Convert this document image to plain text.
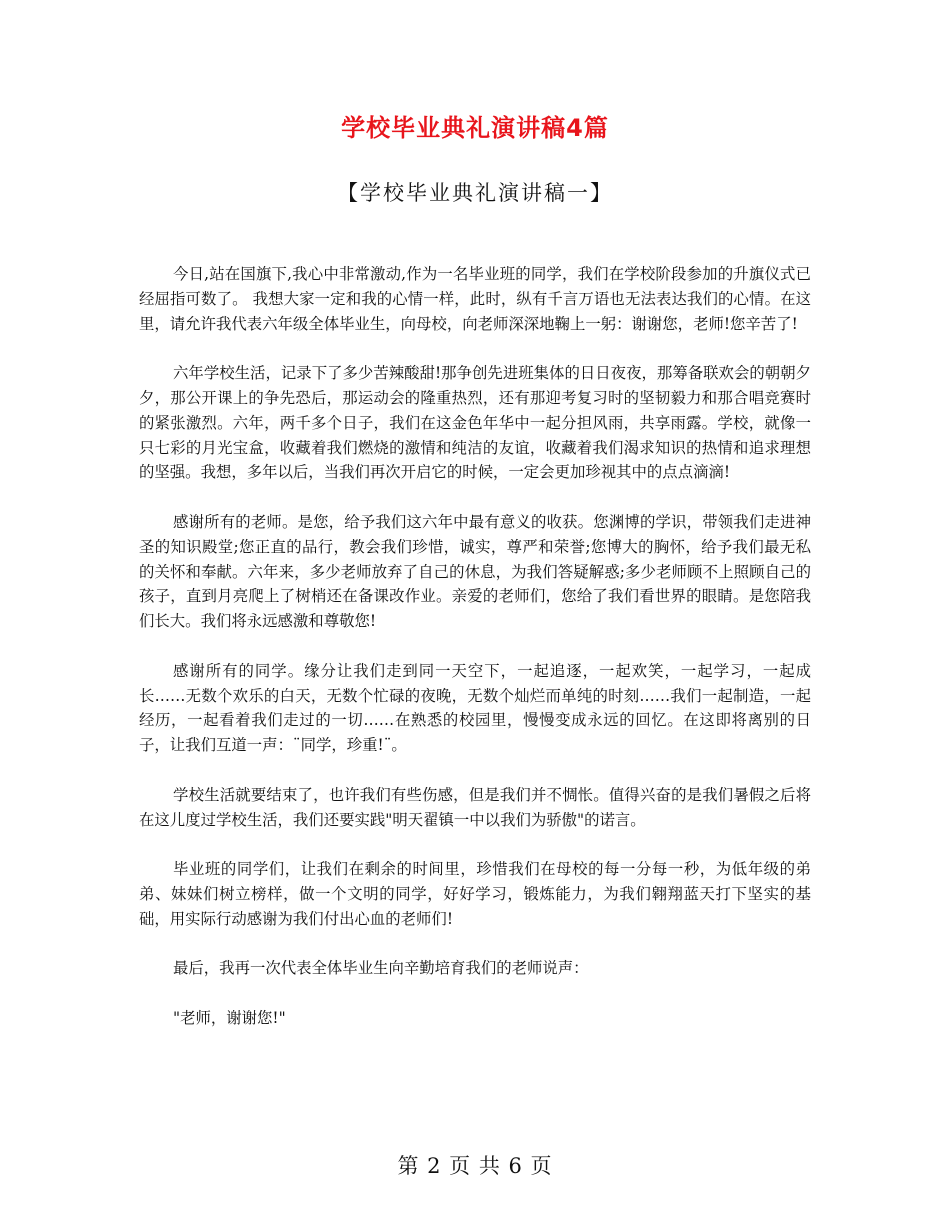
学校毕业典礼演讲稿4篇
【学校毕业典礼演讲稿一】

今日,站在国旗下,我心中非常激动,作为一名毕业班的同学，我们在学校阶段参加的升旗仪式已经屈指可数了。 我想大家一定和我的心情一样，此时，纵有千言万语也无法表达我们的心情。在这里，请允许我代表六年级全体毕业生，向母校，向老师深深地鞠上一躬：谢谢您，老师!您辛苦了!

六年学校生活，记录下了多少苦辣酸甜!那争创先进班集体的日日夜夜，那筹备联欢会的朝朝夕夕，那公开课上的争先恐后，那运动会的隆重热烈，还有那迎考复习时的坚韧毅力和那合唱竞赛时的紧张激烈。六年，两千多个日子，我们在这金色年华中一起分担风雨，共享雨露。学校，就像一只七彩的月光宝盒，收藏着我们燃烧的激情和纯洁的友谊，收藏着我们渴求知识的热情和追求理想的坚强。我想，多年以后，当我们再次开启它的时候，一定会更加珍视其中的点点滴滴!

感谢所有的老师。是您，给予我们这六年中最有意义的收获。您渊博的学识，带领我们走进神圣的知识殿堂;您正直的品行，教会我们珍惜，诚实，尊严和荣誉;您博大的胸怀，给予我们最无私的关怀和奉献。六年来，多少老师放弃了自己的休息，为我们答疑解惑;多少老师顾不上照顾自己的孩子，直到月亮爬上了树梢还在备课改作业。亲爱的老师们，您给了我们看世界的眼睛。是您陪我们长大。我们将永远感激和尊敬您!

感谢所有的同学。缘分让我们走到同一天空下，一起追逐，一起欢笑，一起学习，一起成长……无数个欢乐的白天，无数个忙碌的夜晚，无数个灿烂而单纯的时刻……我们一起制造，一起经历，一起看着我们走过的一切……在熟悉的校园里，慢慢变成永远的回忆。在这即将离别的日子，让我们互道一声：¨同学，珍重!¨。

学校生活就要结束了，也许我们有些伤感，但是我们并不惆怅。值得兴奋的是我们暑假之后将在这儿度过学校生活，我们还要实践"明天翟镇一中以我们为骄傲"的诺言。

毕业班的同学们，让我们在剩余的时间里，珍惜我们在母校的每一分每一秒，为低年级的弟弟、妹妹们树立榜样，做一个文明的同学，好好学习，锻炼能力，为我们翱翔蓝天打下坚实的基础，用实际行动感谢为我们付出心血的老师们!

最后，我再一次代表全体毕业生向辛勤培育我们的老师说声：

"老师，谢谢您!"

第 2 页 共 6 页
